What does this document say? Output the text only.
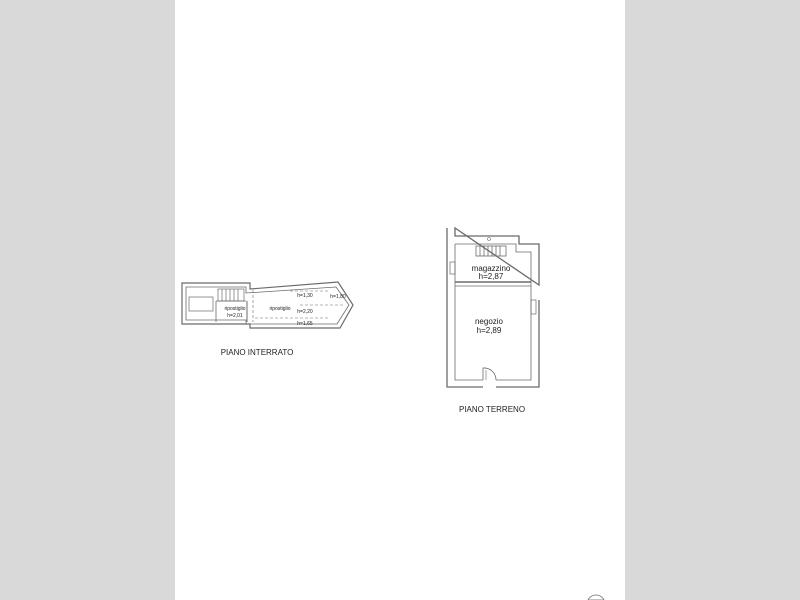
ripostiglio
h=2,01
ripostiglio
h=1,30	h=1,80
h=2,20
h=1,65
PIANO INTERRATO
magazzino
h=2,87
negozio
h=2,89
PIANO TERRENO
